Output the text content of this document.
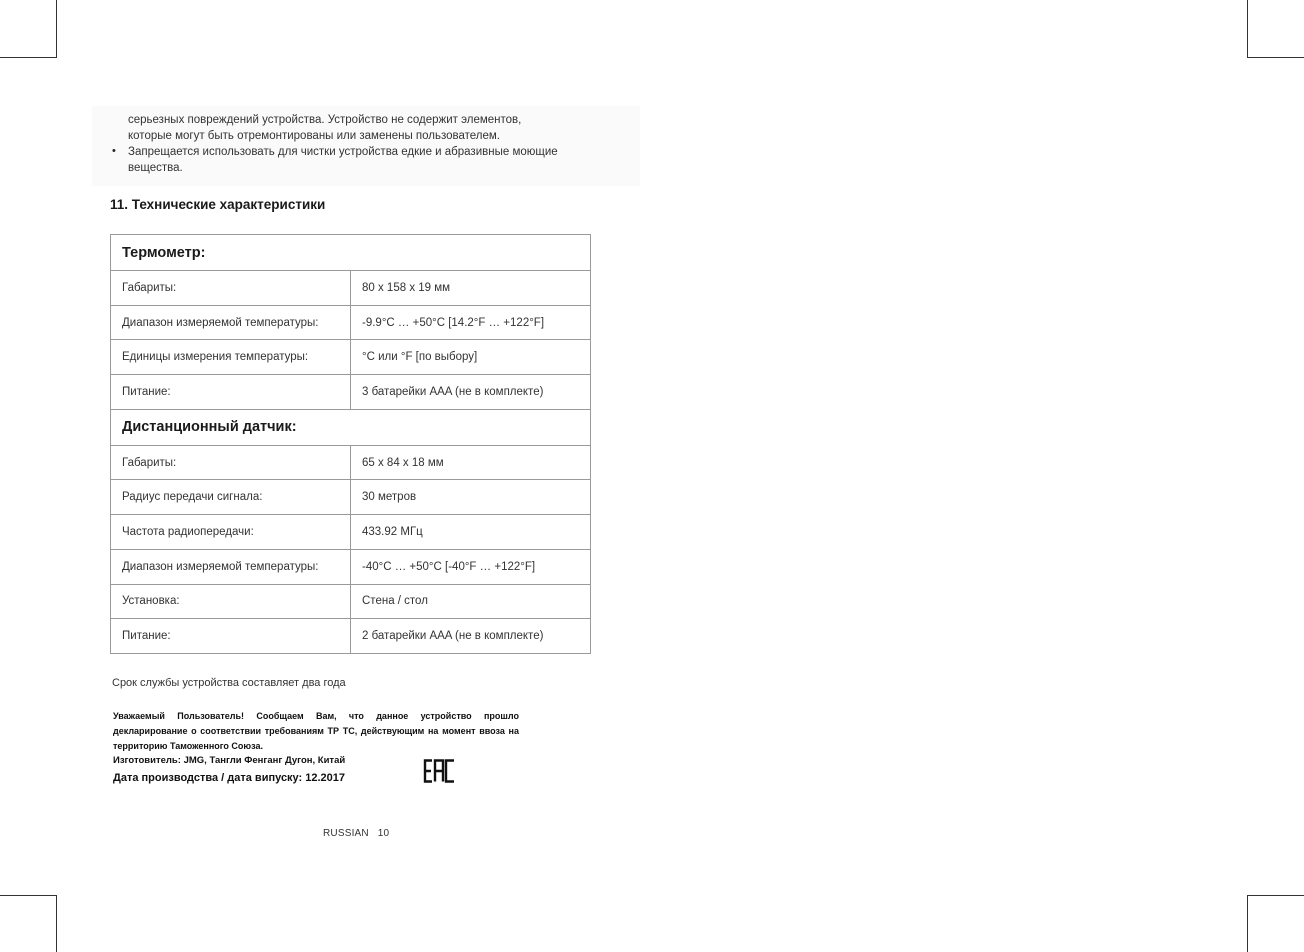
серьезных повреждений устройства. Устройство не содержит элементов,

которые могут быть отремонтированы или заменены пользователем.

• Запрещается использовать для чистки устройства едкие и абразивные моющие

вещества.

11. Технические характеристики
Термометр:	
Габариты:	80 x 158 x 19 мм
Диапазон измеряемой температуры:	-9.9°C … +50°C [14.2°F … +122°F]
Единицы измерения температуры:	°C или °F [по выбору]
Питание:	3 батарейки AAA (не в комплекте)
Дистанционный датчик:	
Габариты:	65 x 84 x 18 мм
Радиус передачи сигнала:	30 метров
Частота радиопередачи:	433.92 МГц
Диапазон измеряемой температуры:	-40°C … +50°C [-40°F … +122°F]
Установка:	Стена / стол
Питание:	2 батарейки AAA (не в комплекте)

Срок службы устройства составляет два года

Уважаемый Пользователь! Сообщаем Вам, что данное устройство прошло декларирование о соответствии требованиям ТР ТС, действующим на момент ввоза на территорию Таможенного Союза.

Изготовитель: JMG, Тангли Фенганг Дугон, Китай

Дата производства / дата випуску: 12.2017

RUSSIAN   10
